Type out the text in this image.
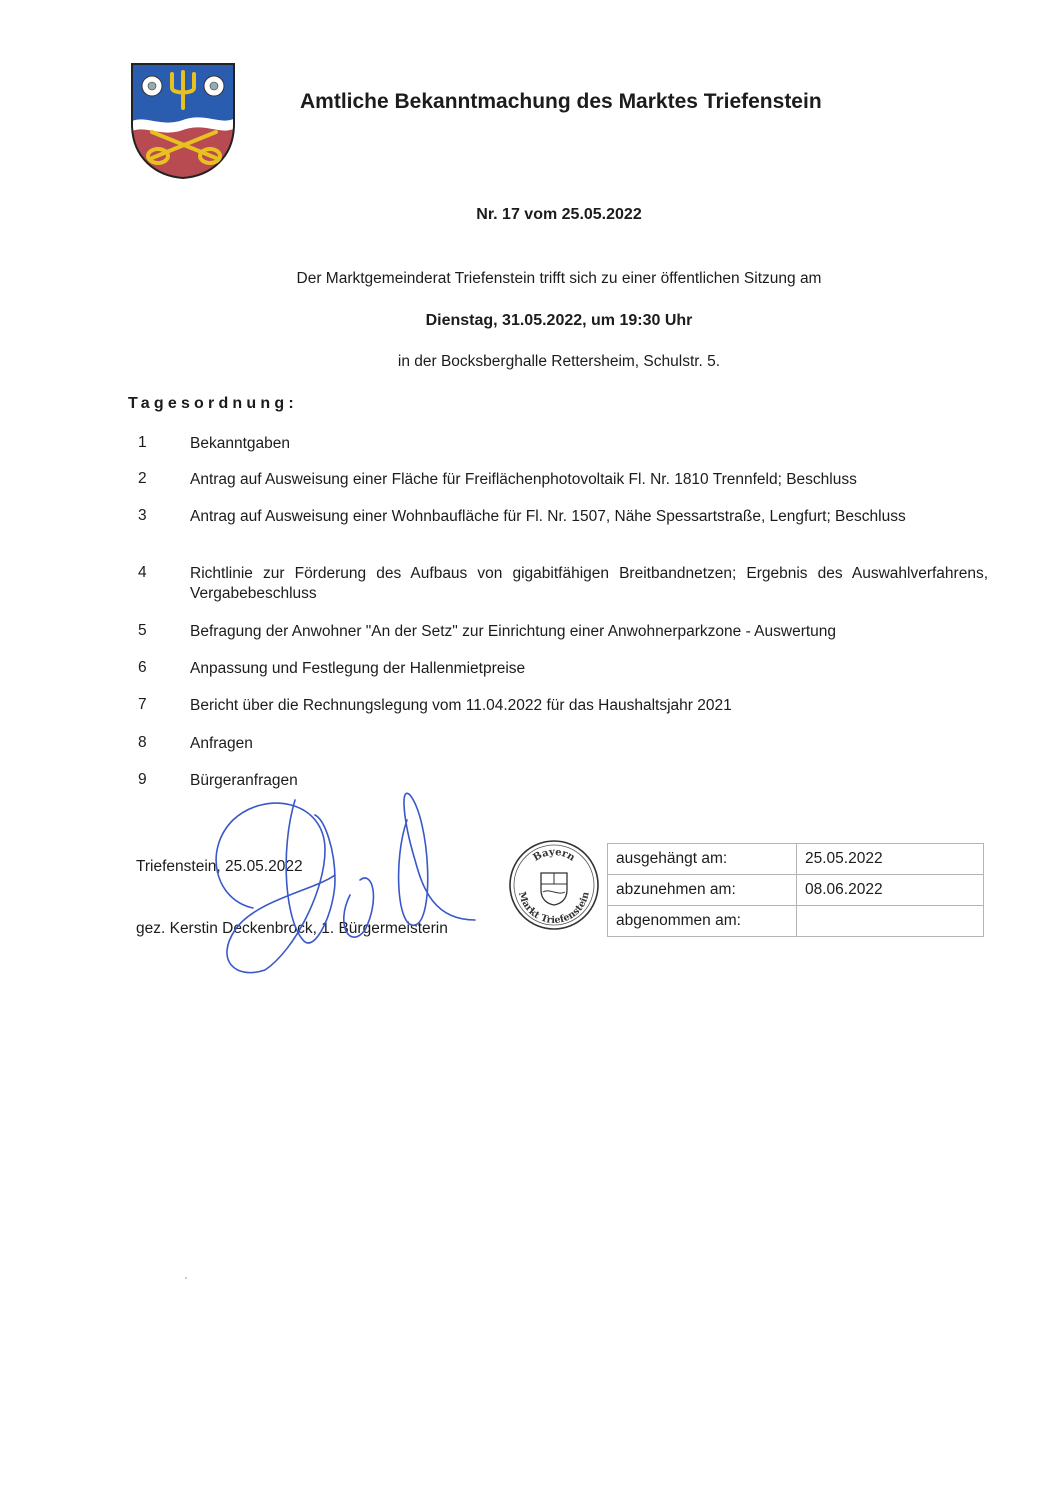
Amtliche Bekanntmachung des Marktes Triefenstein
Nr. 17 vom 25.05.2022
Der Marktgemeinderat Triefenstein trifft sich zu einer öffentlichen Sitzung am
Dienstag, 31.05.2022, um 19:30 Uhr
in der Bocksberghalle Rettersheim, Schulstr. 5.
Tagesordnung:
1	Bekanntgaben
2	Antrag auf Ausweisung einer Fläche für Freiflächenphotovoltaik Fl. Nr. 1810 Trennfeld; Beschluss
3	Antrag auf Ausweisung einer Wohnbaufläche für Fl. Nr. 1507, Nähe Spessartstraße, Lengfurt; Beschluss
4	Richtlinie zur Förderung des Aufbaus von gigabitfähigen Breitbandnetzen; Ergebnis des Auswahlverfahrens, Vergabebeschluss
5	Befragung der Anwohner "An der Setz" zur Einrichtung einer Anwohnerparkzone - Auswertung
6	Anpassung und Festlegung der Hallenmietpreise
7	Bericht über die Rechnungslegung vom 11.04.2022 für das Haushaltsjahr 2021
8	Anfragen
9	Bürgeranfragen
Triefenstein, 25.05.2022
gez. Kerstin Deckenbrock, 1. Bürgermeisterin
Bayern
Markt Triefenstein
ausgehängt am:	25.05.2022
abzunehmen am:	08.06.2022
abgenommen am:	
